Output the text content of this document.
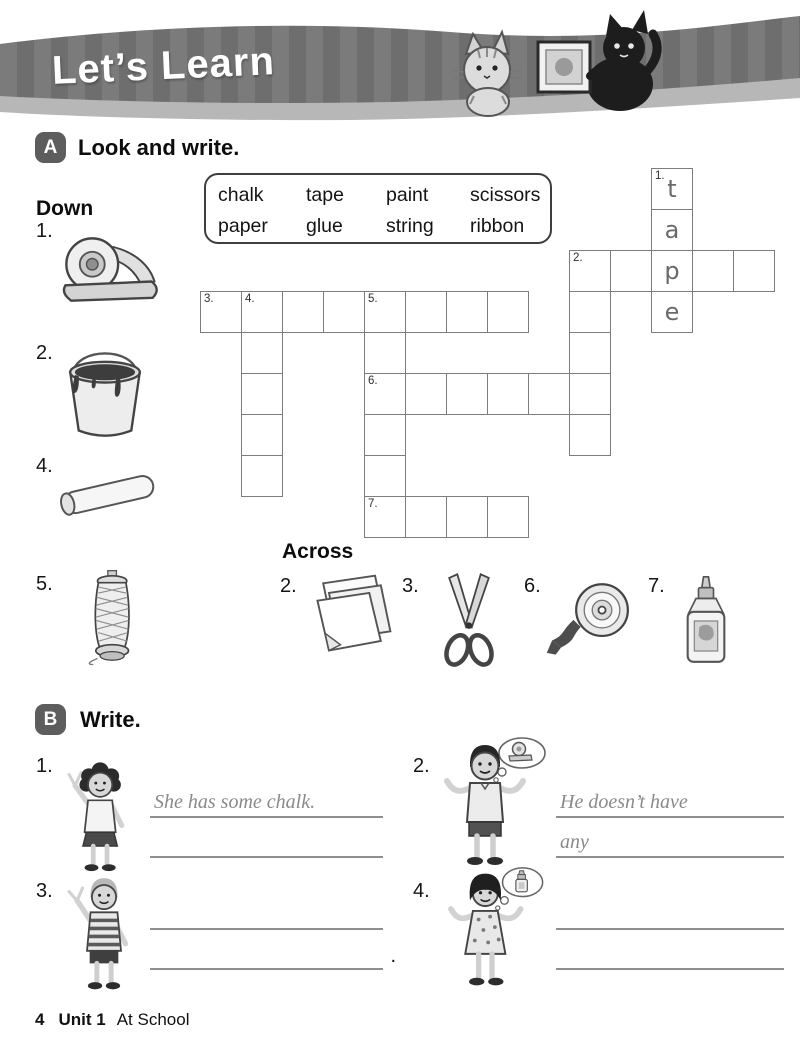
Let’s Learn
A Look and write.
chalk	tape	paint	scissors
paper	glue	string	ribbon
Down
1.
2.
4.
5.
1. t
a
p
e
2.
3.	4.	5.
6.
7.
Across
2.	3.	6.	7.
B	Write.
1.
She has some chalk.
2.
He doesn’t have
any
3.
.
4.
4 Unit 1 At School
